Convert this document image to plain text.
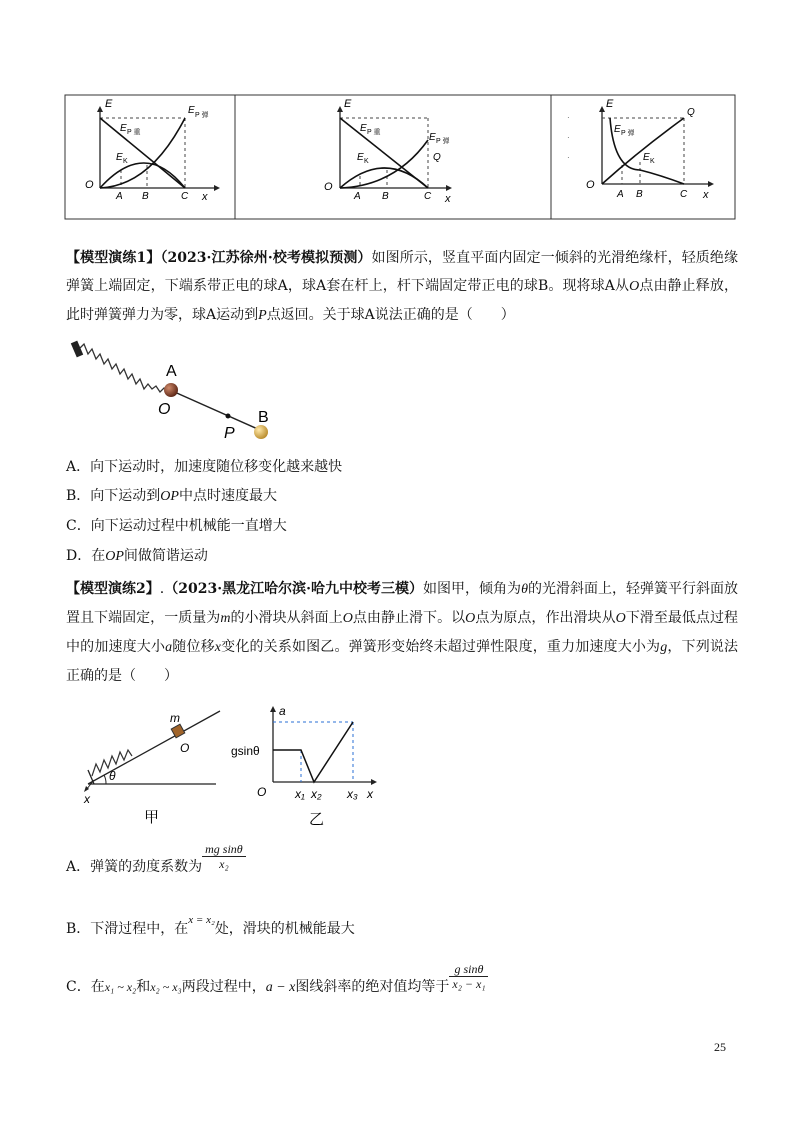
E
E P 弹
E P 重
E K
O
A B	C x
E
E P 重	E P 弹
E K	Q
O
A B	C x
·
·
·
E
Q
E P 弹
E K
O
A B	C x
【模型演练1】（2023·江苏徐州·校考模拟预测）如图所示，竖直平面内固定一倾斜的光滑绝缘杆，轻质绝缘弹簧上端固定，下端系带正电的球A，球A套在杆上，杆下端固定带正电的球B。现将球A从O点由静止释放，此时弹簧弹力为零，球A运动到P点返回。关于球A说法正确的是（　　）
A
O
P
B
A．向下运动时，加速度随位移变化越来越快
B．向下运动到OP中点时速度最大
C．向下运动过程中机械能一直增大
D．在OP间做简谐运动
【模型演练2】.（2023·黑龙江哈尔滨·哈九中校考三模）如图甲，倾角为θ的光滑斜面上，轻弹簧平行斜面放置且下端固定，一质量为m的小滑块从斜面上O点由静止滑下。以O点为原点，作出滑块从O下滑至最低点过程中的加速度大小a随位移x变化的关系如图乙。弹簧形变始终未超过弹性限度，重力加速度大小为g，下列说法正确的是（　　）
m
O
θ
x
甲
a
gsinθ
O x₁ x₂ x₃ x
乙
A．弹簧的劲度系数为 $\frac{\text{mg sinθ}}{\text{x₂}}$
B．下滑过程中，在$^{x = x_2}$处，滑块的机械能最大
C．在x₁ ~ x₂和x₂ ~ x₃两段过程中，a − x图线斜率的绝对值均等于 $\frac{\text{g sinθ}}{\text{x₂ − x₁}}$
25
